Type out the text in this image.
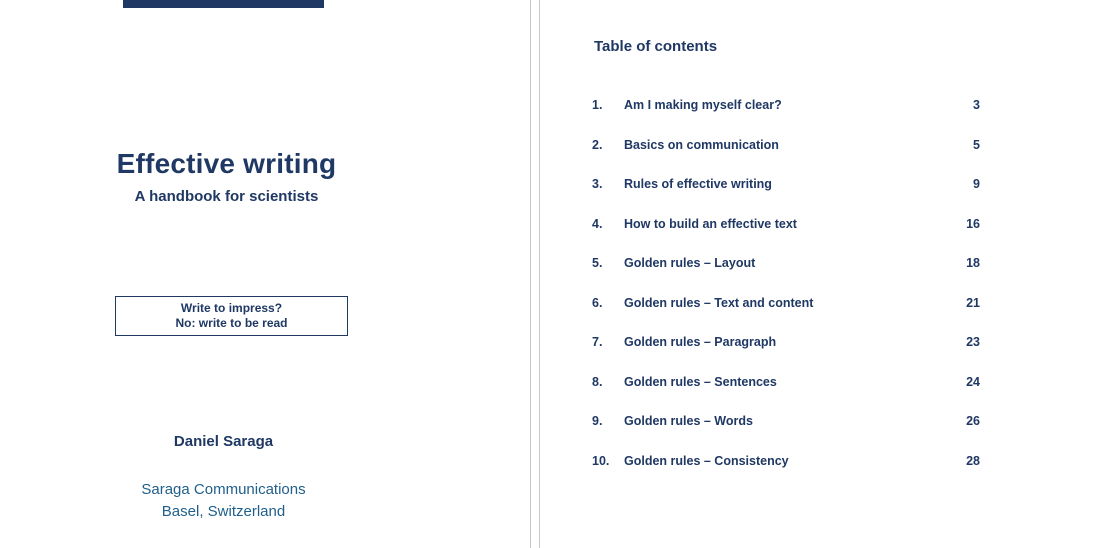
Effective writing
A handbook for scientists
Write to impress?
No: write to be read
Daniel Saraga
Saraga Communications
Basel, Switzerland
Table of contents
1.	Am I making myself clear?	3
2.	Basics on communication	5
3.	Rules of effective writing	9
4.	How to build an effective text	16
5.	Golden rules – Layout	18
6.	Golden rules – Text and content	21
7.	Golden rules – Paragraph	23
8.	Golden rules – Sentences	24
9.	Golden rules – Words	26
10.	Golden rules – Consistency	28
